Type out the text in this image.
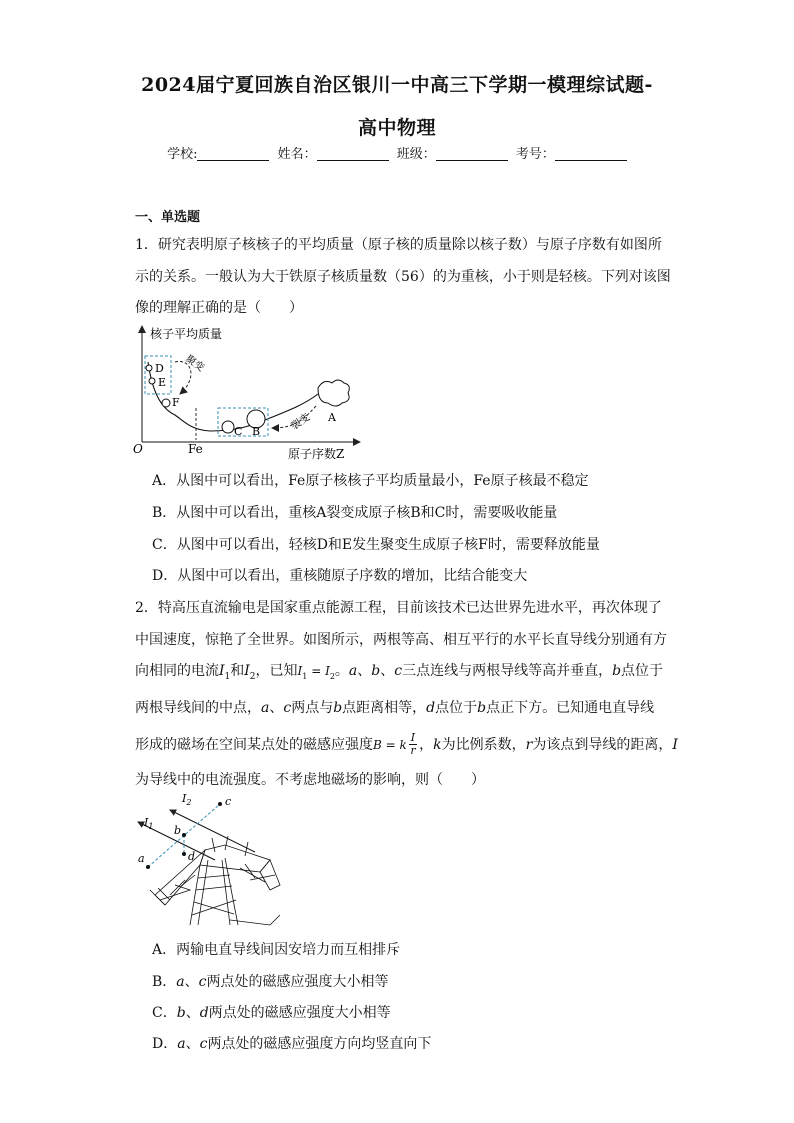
2024届宁夏回族自治区银川一中高三下学期一模理综试题-
高中物理
学校:	姓名：	班级：	考号：
一、单选题
1．研究表明原子核核子的平均质量（原子核的质量除以核子数）与原子序数有如图所
示的关系。一般认为大于铁原子核质量数（56）的为重核，小于则是轻核。下列对该图
像的理解正确的是（　　）
核子平均质量
原子序数Z
O	Fe
A
C B
D
E
F
聚变
裂变
A．从图中可以看出，Fe原子核核子平均质量最小，Fe原子核最不稳定
B．从图中可以看出，重核A裂变成原子核B和C时，需要吸收能量
C．从图中可以看出，轻核D和E发生聚变生成原子核F时，需要释放能量
D．从图中可以看出，重核随原子序数的增加，比结合能变大
2．特高压直流输电是国家重点能源工程，目前该技术已达世界先进水平，再次体现了
中国速度，惊艳了全世界。如图所示，两根等高、相互平行的水平长直导线分别通有方
向相同的电流$I_1$和$I_2$，已知$I_1 = I_2$。a、b、c三点连线与两根导线等高并垂直，b点位于
两根导线间的中点，a、c两点与b点距离相等，d点位于b点正下方。已知通电直导线
形成的磁场在空间某点处的磁感应强度B = k $\frac{I}{r}$ ，k为比例系数，r为该点到导线的距离，I
为导线中的电流强度。不考虑地磁场的影响，则（　　）
$I_1$
$I_2$
a
b
c
d
A．两输电直导线间因安培力而互相排斥
B．a、c两点处的磁感应强度大小相等
C．b、d两点处的磁感应强度大小相等
D．a、c两点处的磁感应强度方向均竖直向下
